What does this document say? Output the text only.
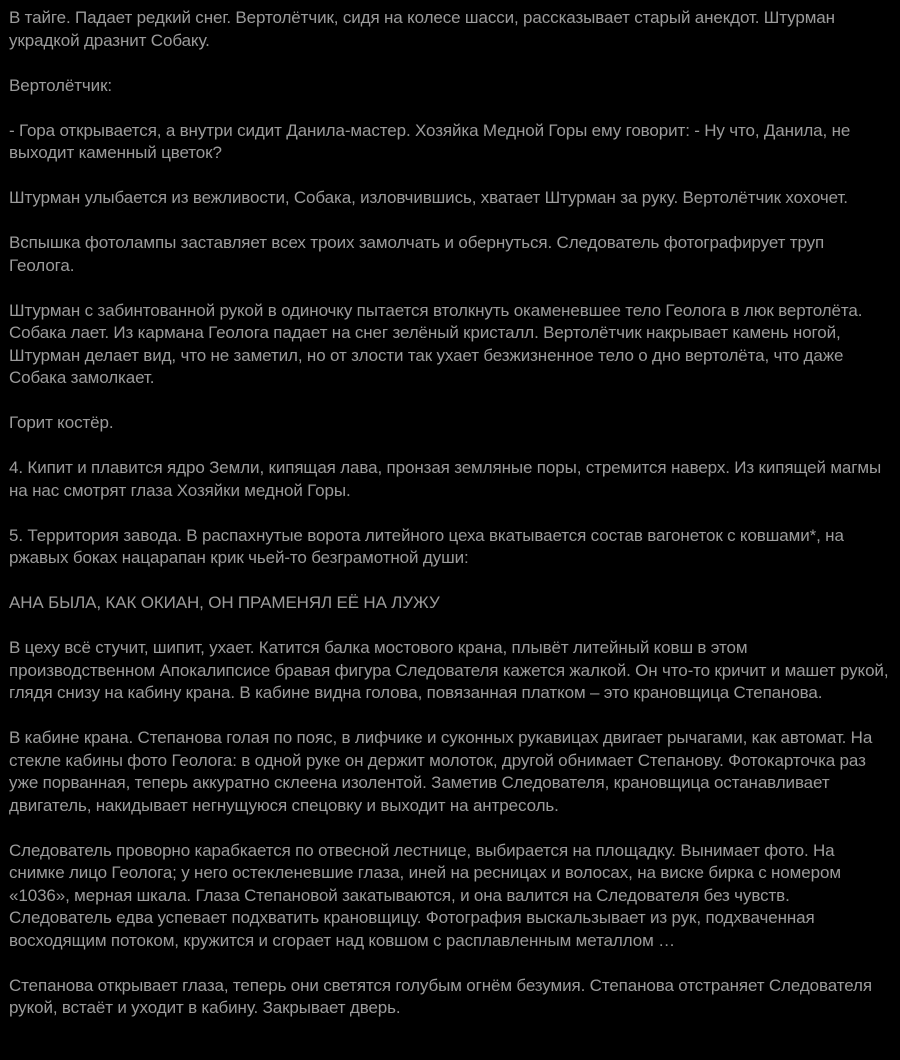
В тайге. Падает редкий снег. Вертолётчик, сидя на колесе шасси, рассказывает старый анекдот. Штурман украдкой дразнит Собаку.

Вертолётчик:

- Гора открывается, а внутри сидит Данила-мастер. Хозяйка Медной Горы ему говорит: - Ну что, Данила, не выходит каменный цветок?

Штурман улыбается из вежливости, Собака, изловчившись, хватает Штурман за руку. Вертолётчик хохочет.

Вспышка фотолампы заставляет всех троих замолчать и обернуться. Следователь фотографирует труп Геолога.

Штурман с забинтованной рукой в одиночку пытается втолкнуть окаменевшее тело Геолога в люк вертолёта. Собака лает. Из кармана Геолога падает на снег зелёный кристалл. Вертолётчик накрывает камень ногой, Штурман делает вид, что не заметил, но от злости так ухает безжизненное тело о дно вертолёта, что даже Собака замолкает.

Горит костёр.

4. Кипит и плавится ядро Земли, кипящая лава, пронзая земляные поры, стремится наверх. Из кипящей магмы на нас смотрят глаза Хозяйки медной Горы.

5. Территория завода. В распахнутые ворота литейного цеха вкатывается состав вагонеток с ковшами*, на ржавых боках нацарапан крик чьей-то безграмотной души:

АНА БЫЛА, КАК ОКИАН, ОН ПРАМЕНЯЛ ЕЁ НА ЛУЖУ

В цеху всё стучит, шипит, ухает. Катится балка мостового крана, плывёт литейный ковш в этом производственном Апокалипсисе бравая фигура Следователя кажется жалкой. Он что-то кричит и машет рукой, глядя снизу на кабину крана. В кабине видна голова, повязанная платком – это крановщица Степанова.

В кабине крана. Степанова голая по пояс, в лифчике и суконных рукавицах двигает рычагами, как автомат. На стекле кабины фото Геолога: в одной руке он держит молоток, другой обнимает Степанову. Фотокарточка раз уже порванная, теперь аккуратно склеена изолентой. Заметив Следователя, крановщица останавливает двигатель, накидывает негнущуюся спецовку и выходит на антресоль.

Следователь проворно карабкается по отвесной лестнице, выбирается на площадку. Вынимает фото. На снимке лицо Геолога; у него остекленевшие глаза, иней на ресницах и волосах, на виске бирка с номером «1036», мерная шкала. Глаза Степановой закатываются, и она валится на Следователя без чувств. Следователь едва успевает подхватить крановщицу. Фотография выскальзывает из рук, подхваченная восходящим потоком, кружится и сгорает над ковшом с расплавленным металлом …

Степанова открывает глаза, теперь они светятся голубым огнём безумия. Степанова отстраняет Следователя рукой, встаёт и уходит в кабину. Закрывает дверь.
